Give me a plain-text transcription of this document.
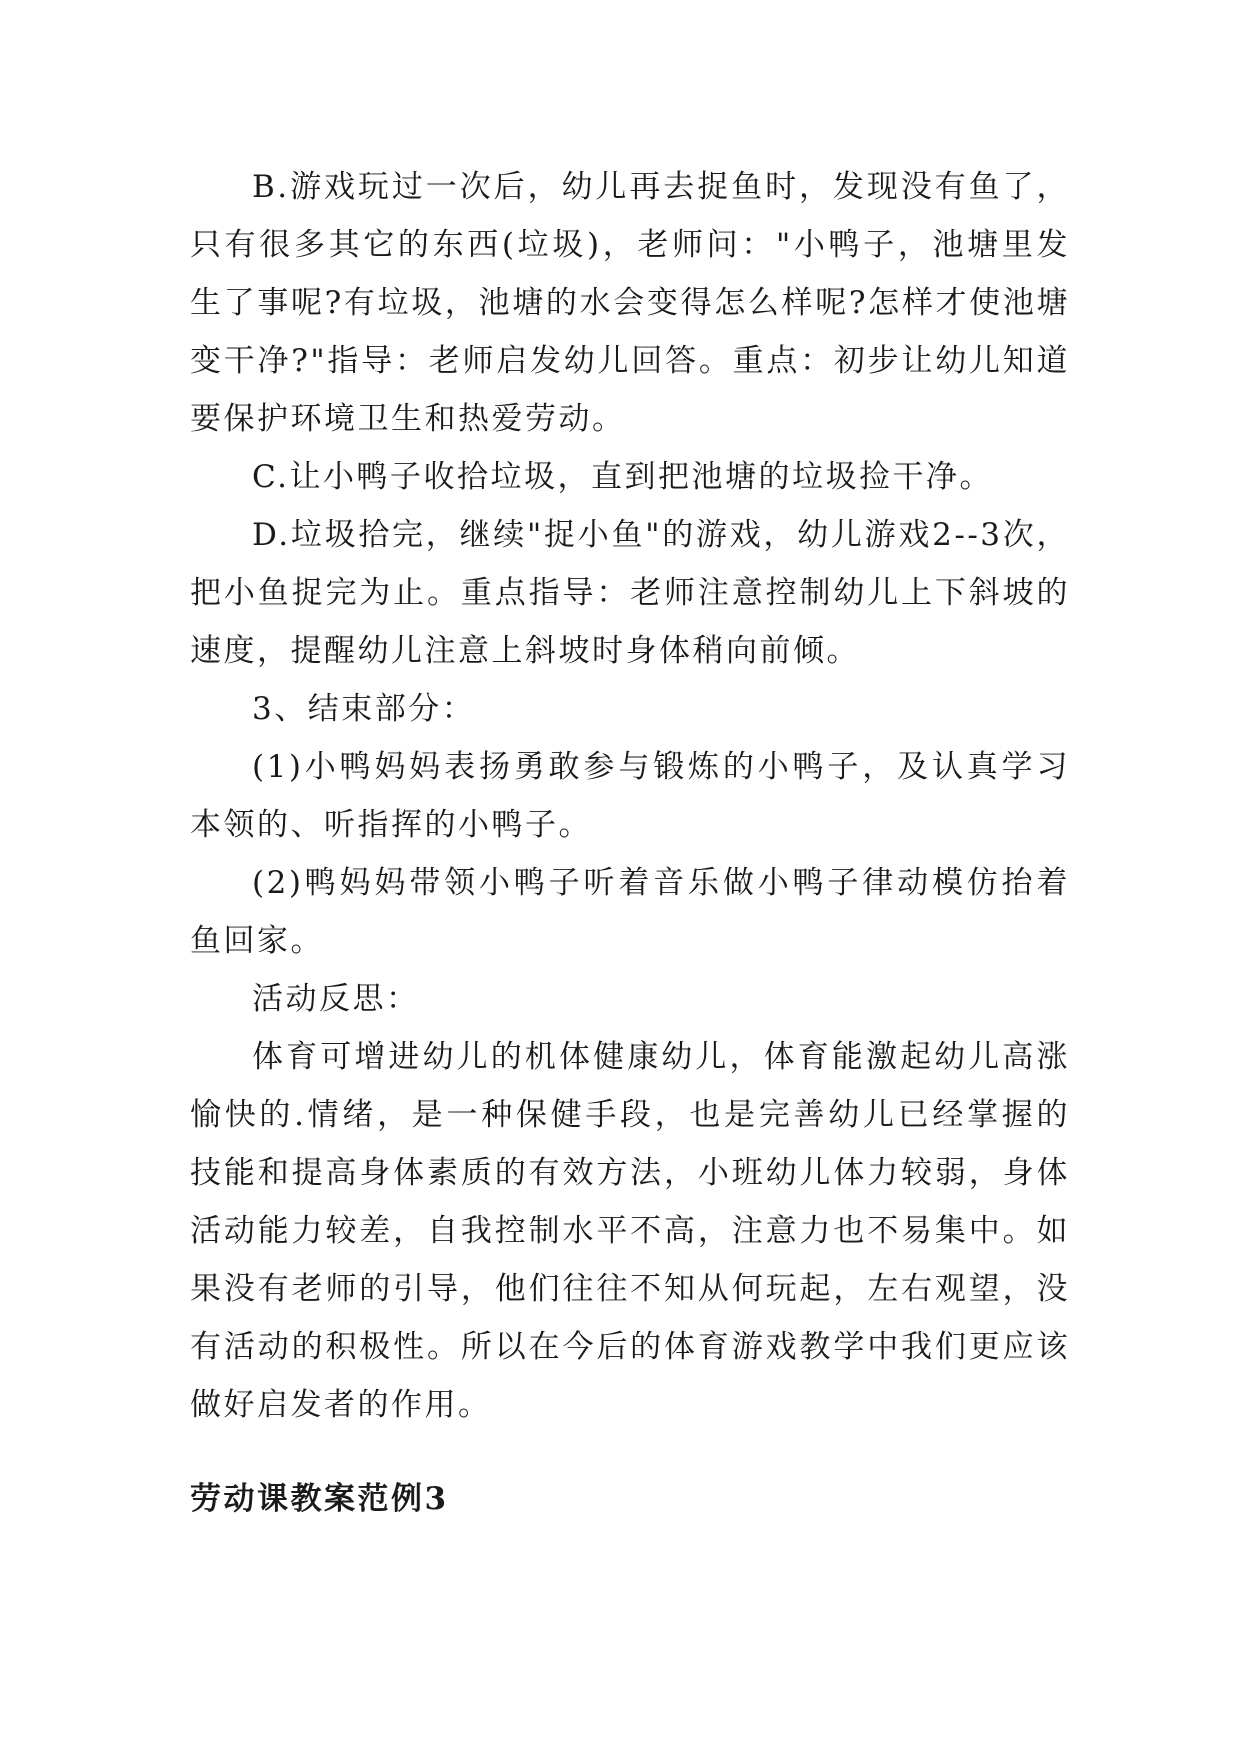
B.游戏玩过一次后，幼儿再去捉鱼时，发现没有鱼了，只有很多其它的东西(垃圾)，老师问："小鸭子，池塘里发生了事呢?有垃圾，池塘的水会变得怎么样呢?怎样才使池塘变干净?"指导：老师启发幼儿回答。重点：初步让幼儿知道要保护环境卫生和热爱劳动。

C.让小鸭子收拾垃圾，直到把池塘的垃圾捡干净。

D.垃圾拾完，继续"捉小鱼"的游戏，幼儿游戏2--3次，把小鱼捉完为止。重点指导：老师注意控制幼儿上下斜坡的速度，提醒幼儿注意上斜坡时身体稍向前倾。

3、结束部分：

(1)小鸭妈妈表扬勇敢参与锻炼的小鸭子，及认真学习本领的、听指挥的小鸭子。

(2)鸭妈妈带领小鸭子听着音乐做小鸭子律动模仿抬着鱼回家。

活动反思：

体育可增进幼儿的机体健康幼儿，体育能激起幼儿高涨愉快的.情绪，是一种保健手段，也是完善幼儿已经掌握的技能和提高身体素质的有效方法，小班幼儿体力较弱，身体活动能力较差，自我控制水平不高，注意力也不易集中。如果没有老师的引导，他们往往不知从何玩起，左右观望，没有活动的积极性。所以在今后的体育游戏教学中我们更应该做好启发者的作用。

劳动课教案范例3
